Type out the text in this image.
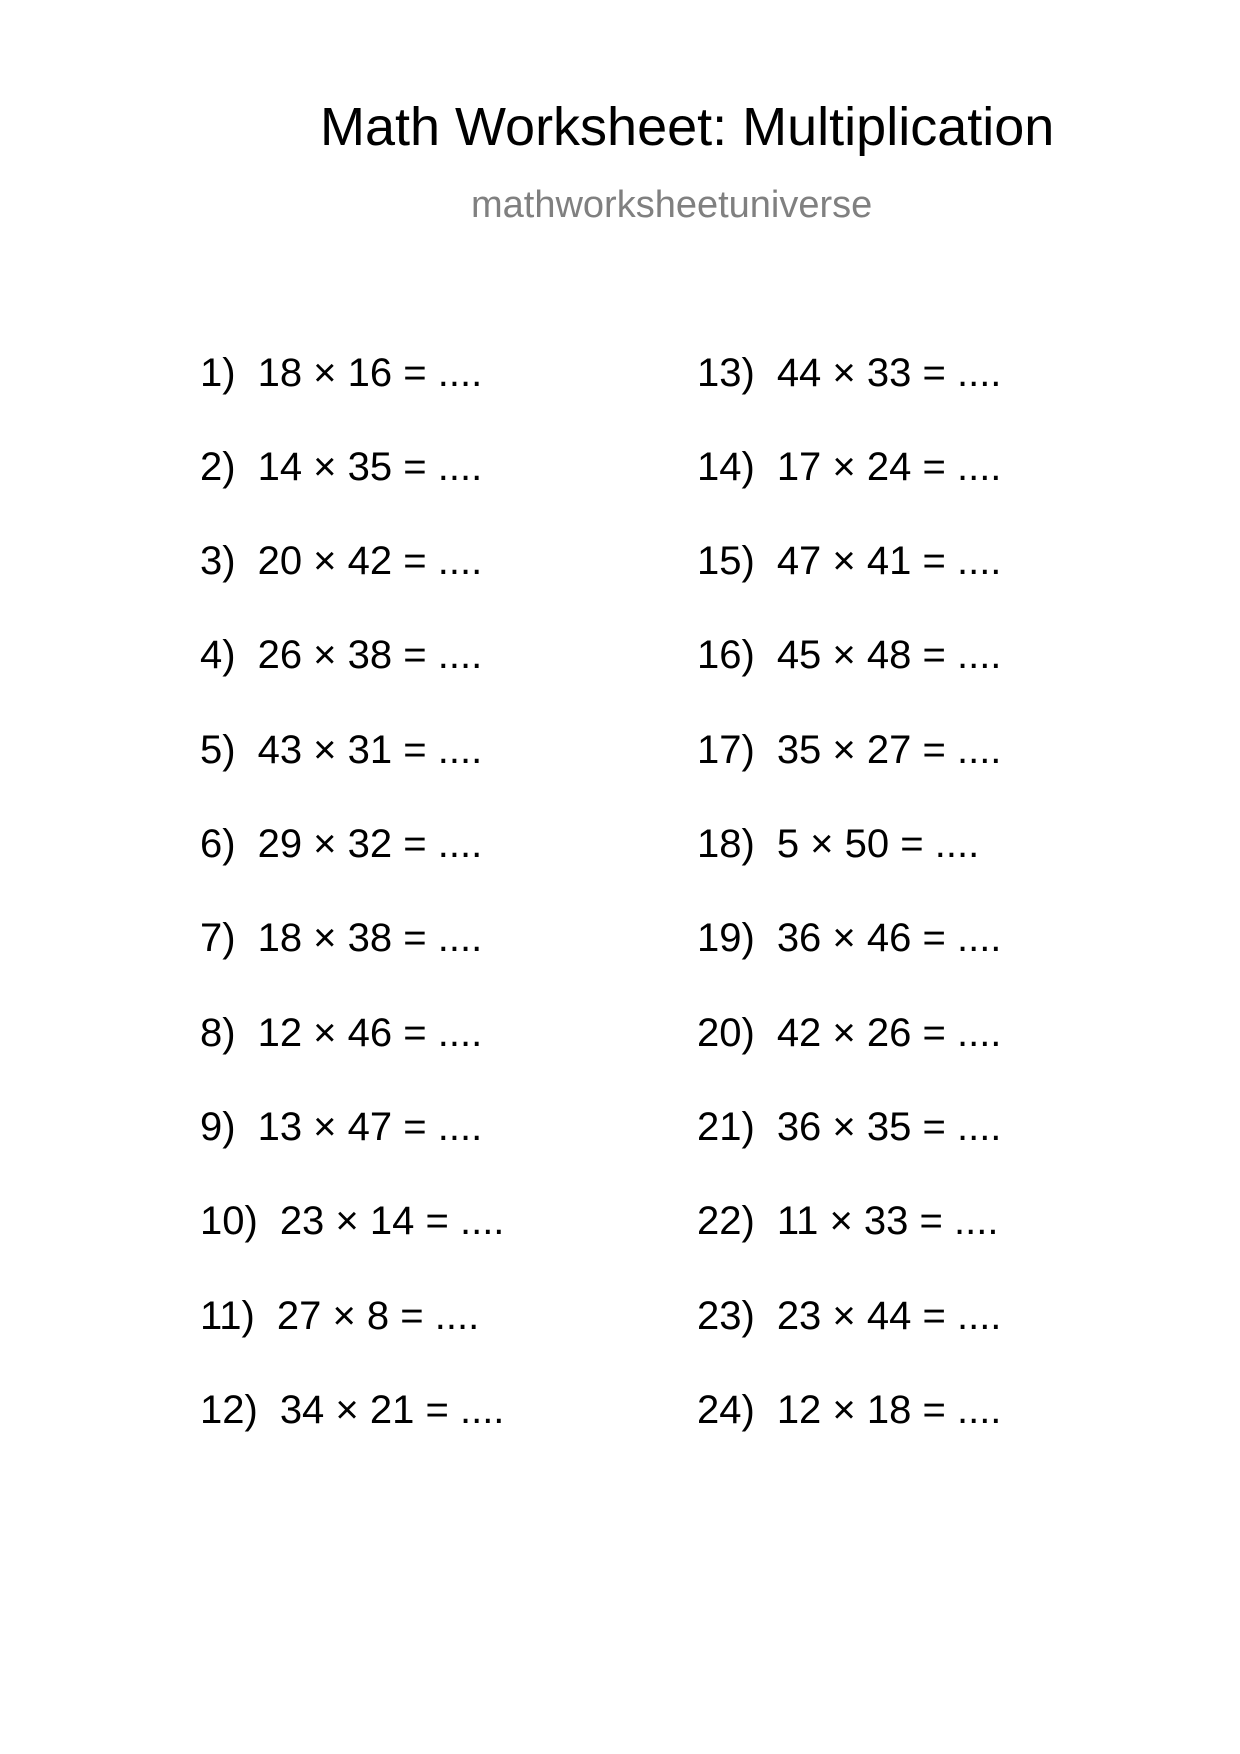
Math Worksheet: Multiplication
mathworksheetuniverse
1) 18 × 16 = ....
2) 14 × 35 = ....
3) 20 × 42 = ....
4) 26 × 38 = ....
5) 43 × 31 = ....
6) 29 × 32 = ....
7) 18 × 38 = ....
8) 12 × 46 = ....
9) 13 × 47 = ....
10) 23 × 14 = ....
11) 27 × 8 = ....
12) 34 × 21 = ....
13) 44 × 33 = ....
14) 17 × 24 = ....
15) 47 × 41 = ....
16) 45 × 48 = ....
17) 35 × 27 = ....
18) 5 × 50 = ....
19) 36 × 46 = ....
20) 42 × 26 = ....
21) 36 × 35 = ....
22) 11 × 33 = ....
23) 23 × 44 = ....
24) 12 × 18 = ....
